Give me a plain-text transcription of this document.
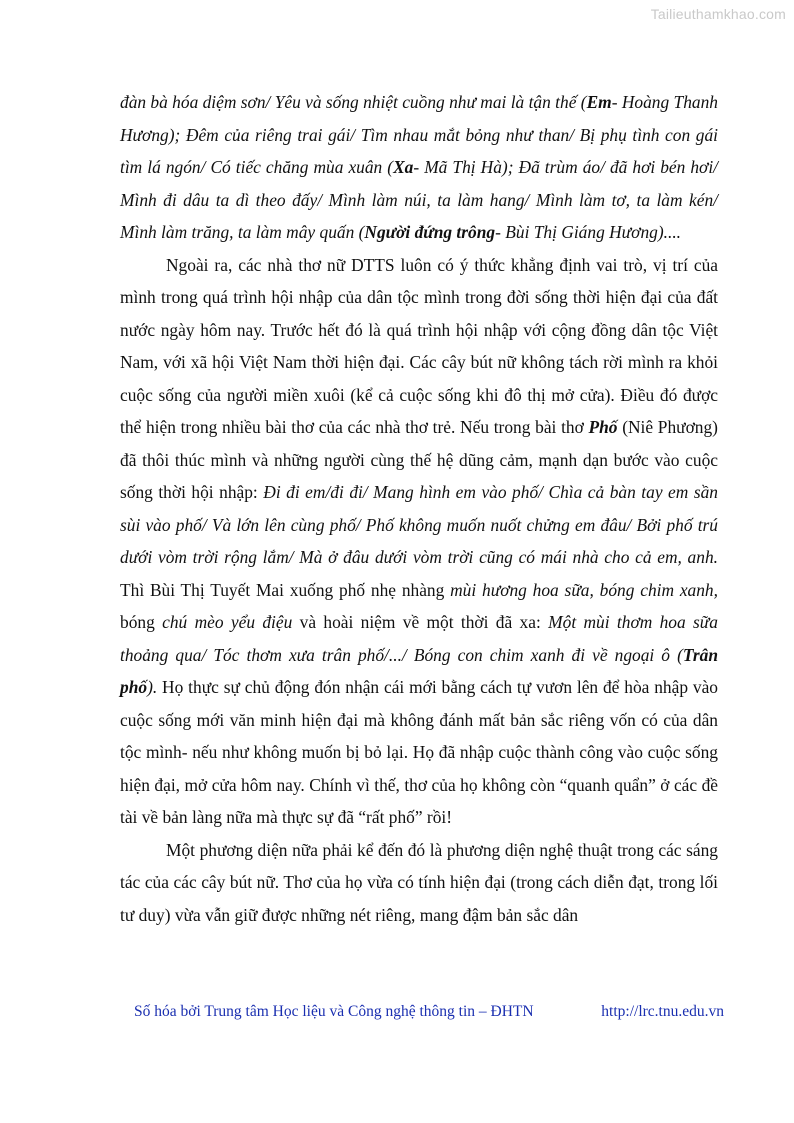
Tailieuthamkhao.com

đàn bà hóa diệm sơn/ Yêu và sống nhiệt cuồng như mai là tận thế (Em- Hoàng Thanh Hương); Đêm của riêng trai gái/ Tìm nhau mắt bỏng như than/ Bị phụ tình con gái tìm lá ngón/ Có tiếc chăng mùa xuân (Xa- Mã Thị Hà); Đã trùm áo/ đã hơi bén hơi/ Mình đi dâu ta dì theo đấy/ Mình làm núi, ta làm hang/ Mình làm tơ, ta làm kén/ Mình làm trăng, ta làm mây quấn (Người đứng trông- Bùi Thị Giáng Hương)....

Ngoài ra, các nhà thơ nữ DTTS luôn có ý thức khẳng định vai trò, vị trí của mình trong quá trình hội nhập của dân tộc mình trong đời sống thời hiện đại của đất nước ngày hôm nay. Trước hết đó là quá trình hội nhập với cộng đồng dân tộc Việt Nam, với xã hội Việt Nam thời hiện đại. Các cây bút nữ không tách rời mình ra khỏi cuộc sống của người miền xuôi (kể cả cuộc sống khi đô thị mở cửa). Điều đó được thể hiện trong nhiều bài thơ của các nhà thơ trẻ. Nếu trong bài thơ Phố (Niê Phương) đã thôi thúc mình và những người cùng thế hệ dũng cảm, mạnh dạn bước vào cuộc sống thời hội nhập: Đi đi em/đi đi/ Mang hình em vào phố/ Chìa cả bàn tay em sần sùi vào phố/ Và lớn lên cùng phố/ Phố không muốn nuốt chửng em đâu/ Bởi phố trú dưới vòm trời rộng lắm/ Mà ở đâu dưới vòm trời cũng có mái nhà cho cả em, anh. Thì Bùi Thị Tuyết Mai xuống phố nhẹ nhàng mùi hương hoa sữa, bóng chim xanh, bóng chú mèo yểu điệu và hoài niệm về một thời đã xa: Một mùi thơm hoa sữa thoảng qua/ Tóc thơm xưa trân phố/.../ Bóng con chim xanh đi về ngoại ô (Trân phố). Họ thực sự chủ động đón nhận cái mới bằng cách tự vươn lên để hòa nhập vào cuộc sống mới văn minh hiện đại mà không đánh mất bản sắc riêng vốn có của dân tộc mình- nếu như không muốn bị bỏ lại. Họ đã nhập cuộc thành công vào cuộc sống hiện đại, mở cửa hôm nay. Chính vì thế, thơ của họ không còn “quanh quẩn” ở các đề tài về bản làng nữa mà thực sự đã “rất phố” rồi!

Một phương diện nữa phải kể đến đó là phương diện nghệ thuật trong các sáng tác của các cây bút nữ. Thơ của họ vừa có tính hiện đại (trong cách diễn đạt, trong lối tư duy) vừa vẫn giữ được những nét riêng, mang đậm bản sắc dân

Số hóa bởi Trung tâm Học liệu và Công nghệ thông tin – ĐHTN	http://lrc.tnu.edu.vn
